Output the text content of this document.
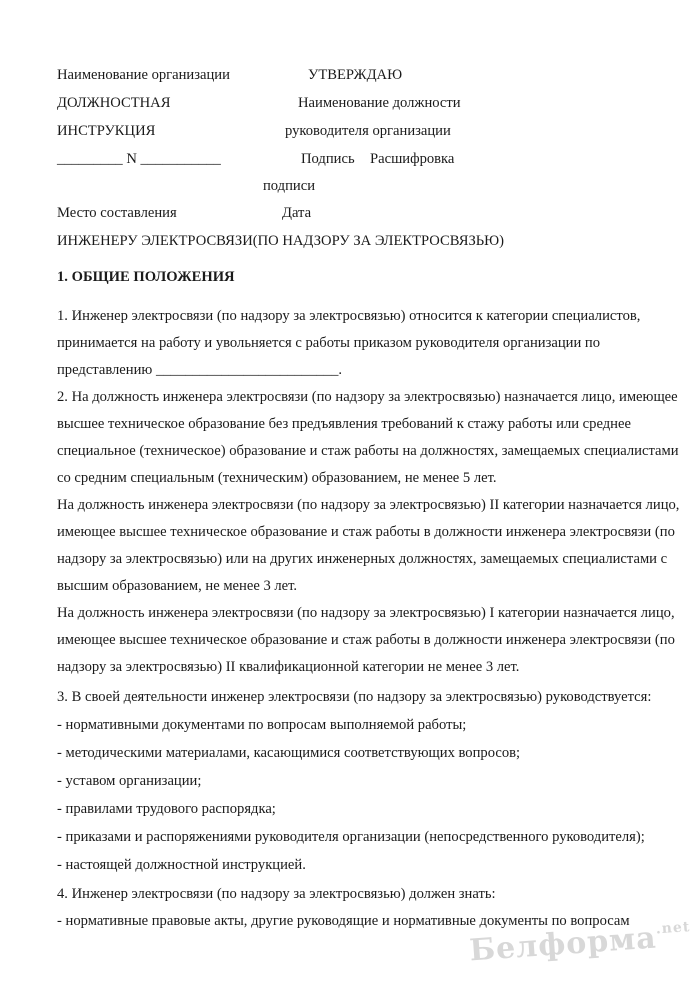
Наименование организации	УТВЕРЖДАЮ
ДОЛЖНОСТНАЯ	Наименование должности
ИНСТРУКЦИЯ	руководителя организации
_________ N ___________	Подпись Расшифровка
подписи
Место составления	Дата
ИНЖЕНЕРУ ЭЛЕКТРОСВЯЗИ(ПО НАДЗОРУ ЗА ЭЛЕКТРОСВЯЗЬЮ)
1. ОБЩИЕ ПОЛОЖЕНИЯ
1. Инженер электросвязи (по надзору за электросвязью) относится к категории специалистов,
принимается на работу и увольняется с работы приказом руководителя организации по
представлению _________________________.
2. На должность инженера электросвязи (по надзору за электросвязью) назначается лицо, имеющее
высшее техническое образование без предъявления требований к стажу работы или среднее
специальное (техническое) образование и стаж работы на должностях, замещаемых специалистами
со средним специальным (техническим) образованием, не менее 5 лет.
На должность инженера электросвязи (по надзору за электросвязью) II категории назначается лицо,
имеющее высшее техническое образование и стаж работы в должности инженера электросвязи (по
надзору за электросвязью) или на других инженерных должностях, замещаемых специалистами с
высшим образованием, не менее 3 лет.
На должность инженера электросвязи (по надзору за электросвязью) I категории назначается лицо,
имеющее высшее техническое образование и стаж работы в должности инженера электросвязи (по
надзору за электросвязью) II квалификационной категории не менее 3 лет.
3. В своей деятельности инженер электросвязи (по надзору за электросвязью) руководствуется:
- нормативными документами по вопросам выполняемой работы;
- методическими материалами, касающимися соответствующих вопросов;
- уставом организации;
- правилами трудового распорядка;
- приказами и распоряжениями руководителя организации (непосредственного руководителя);
- настоящей должностной инструкцией.
4. Инженер электросвязи (по надзору за электросвязью) должен знать:
- нормативные правовые акты, другие руководящие и нормативные документы по вопросам
Белформа$^{.net}$
